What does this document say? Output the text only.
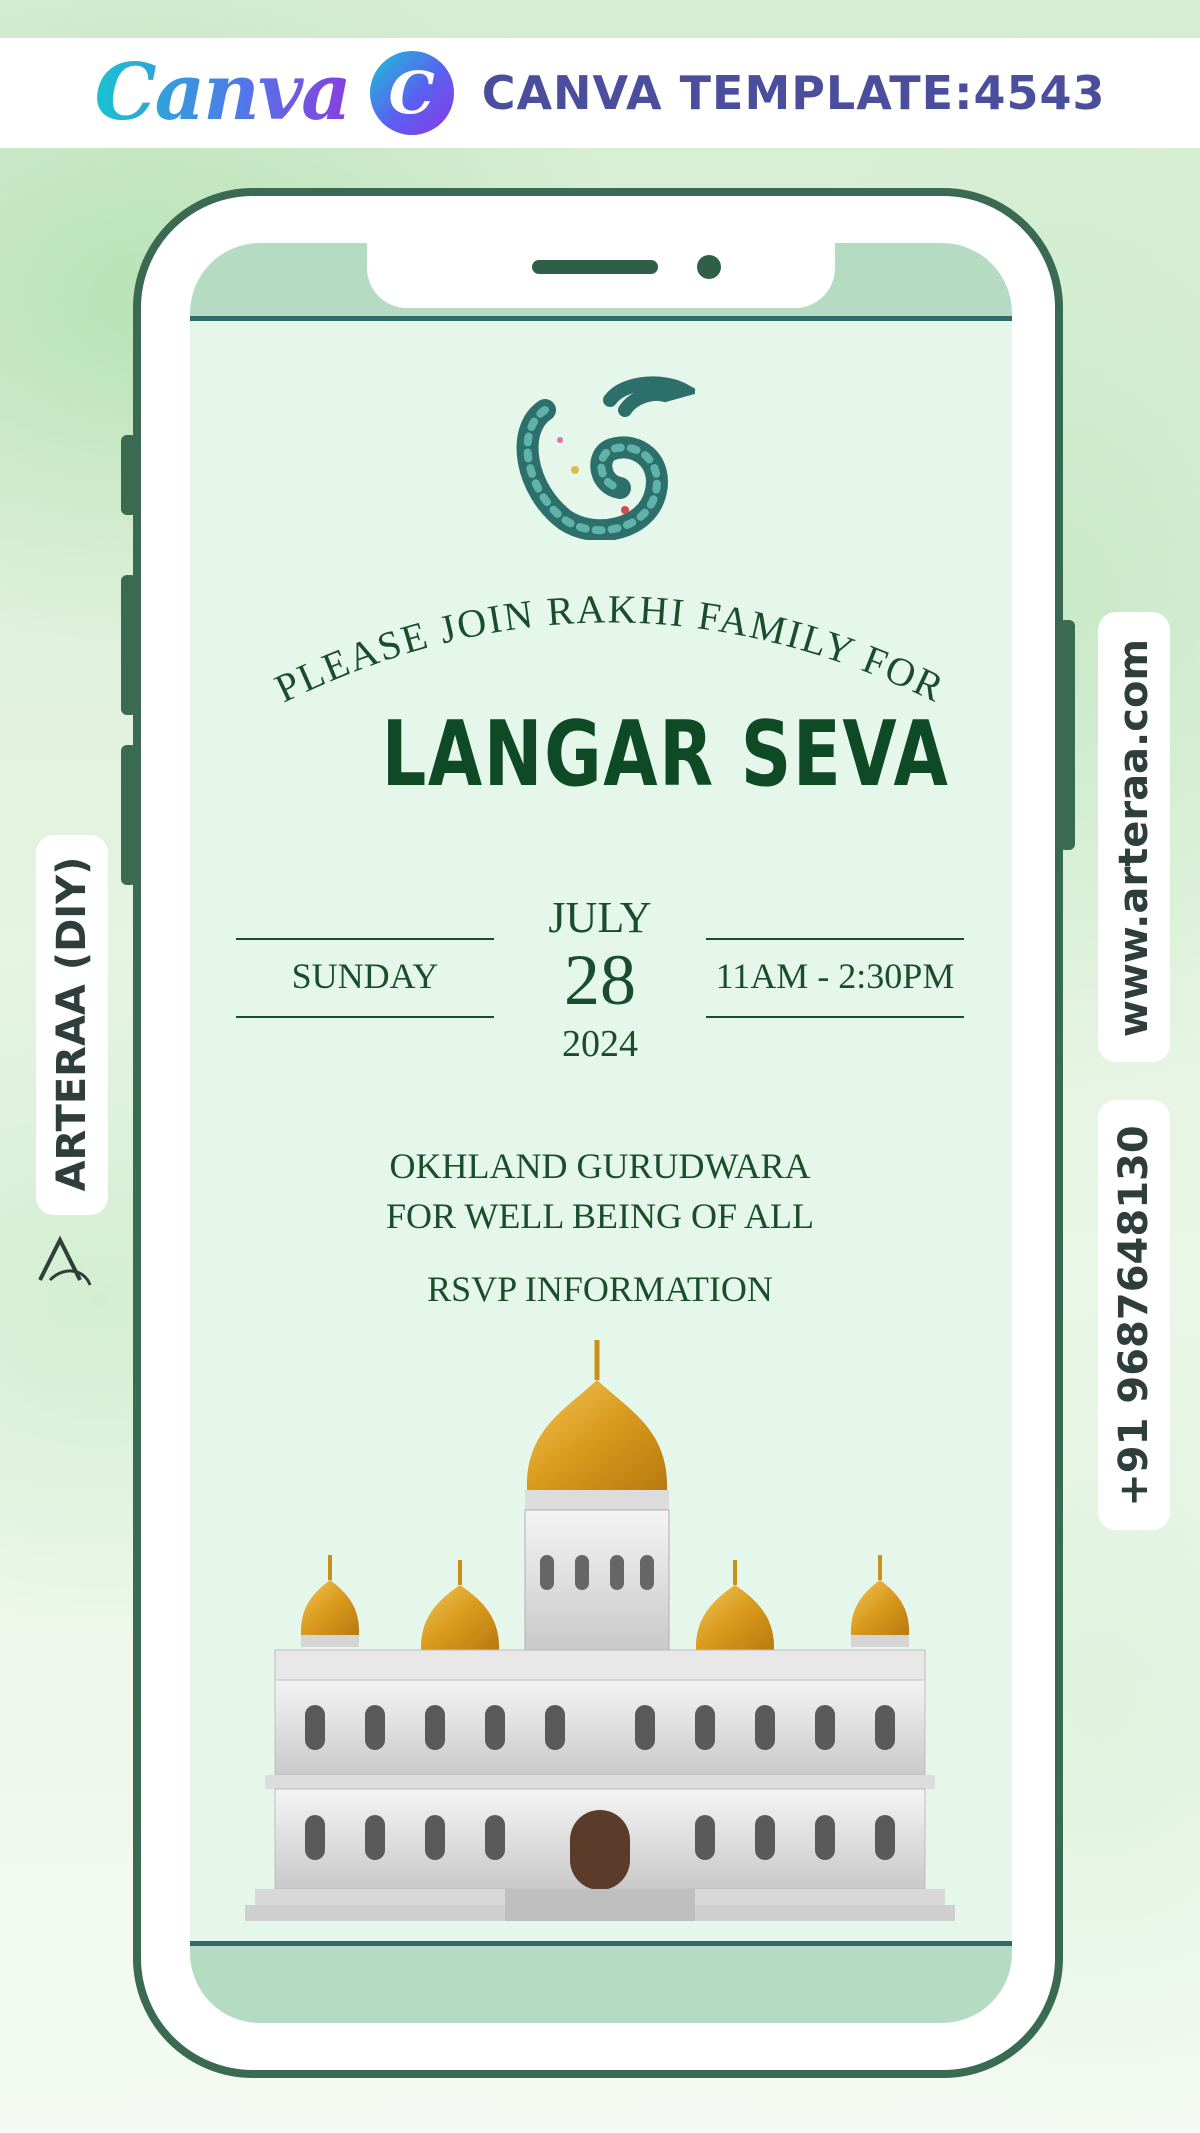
Canva C	CANVA TEMPLATE:4543
PLEASE JOIN RAKHI FAMILY FOR
LANGAR SEVA
SUNDAY	11AM - 2:30PM
JULY
28
2024
OKHLAND GURUDWARA
FOR WELL BEING OF ALL
RSVP INFORMATION
ARTERAA (DIY)	www.arteraa.com
+91 9687648130
